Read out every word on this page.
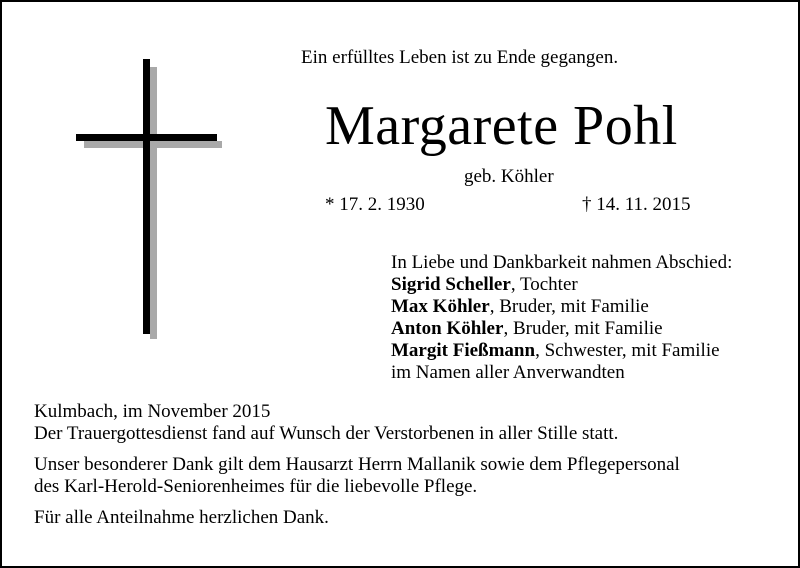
Ein erfülltes Leben ist zu Ende gegangen.
Margarete Pohl
geb. Köhler
* 17. 2. 1930	† 14. 11. 2015
In Liebe und Dankbarkeit nahmen Abschied:
Sigrid Scheller, Tochter
Max Köhler, Bruder, mit Familie
Anton Köhler, Bruder, mit Familie
Margit Fießmann, Schwester, mit Familie
im Namen aller Anverwandten

Kulmbach, im November 2015

Der Trauergottesdienst fand auf Wunsch der Verstorbenen in aller Stille statt.

Unser besonderer Dank gilt dem Hausarzt Herrn Mallanik sowie dem Pflegepersonal

des Karl-Herold-Seniorenheimes für die liebevolle Pflege.

Für alle Anteilnahme herzlichen Dank.
